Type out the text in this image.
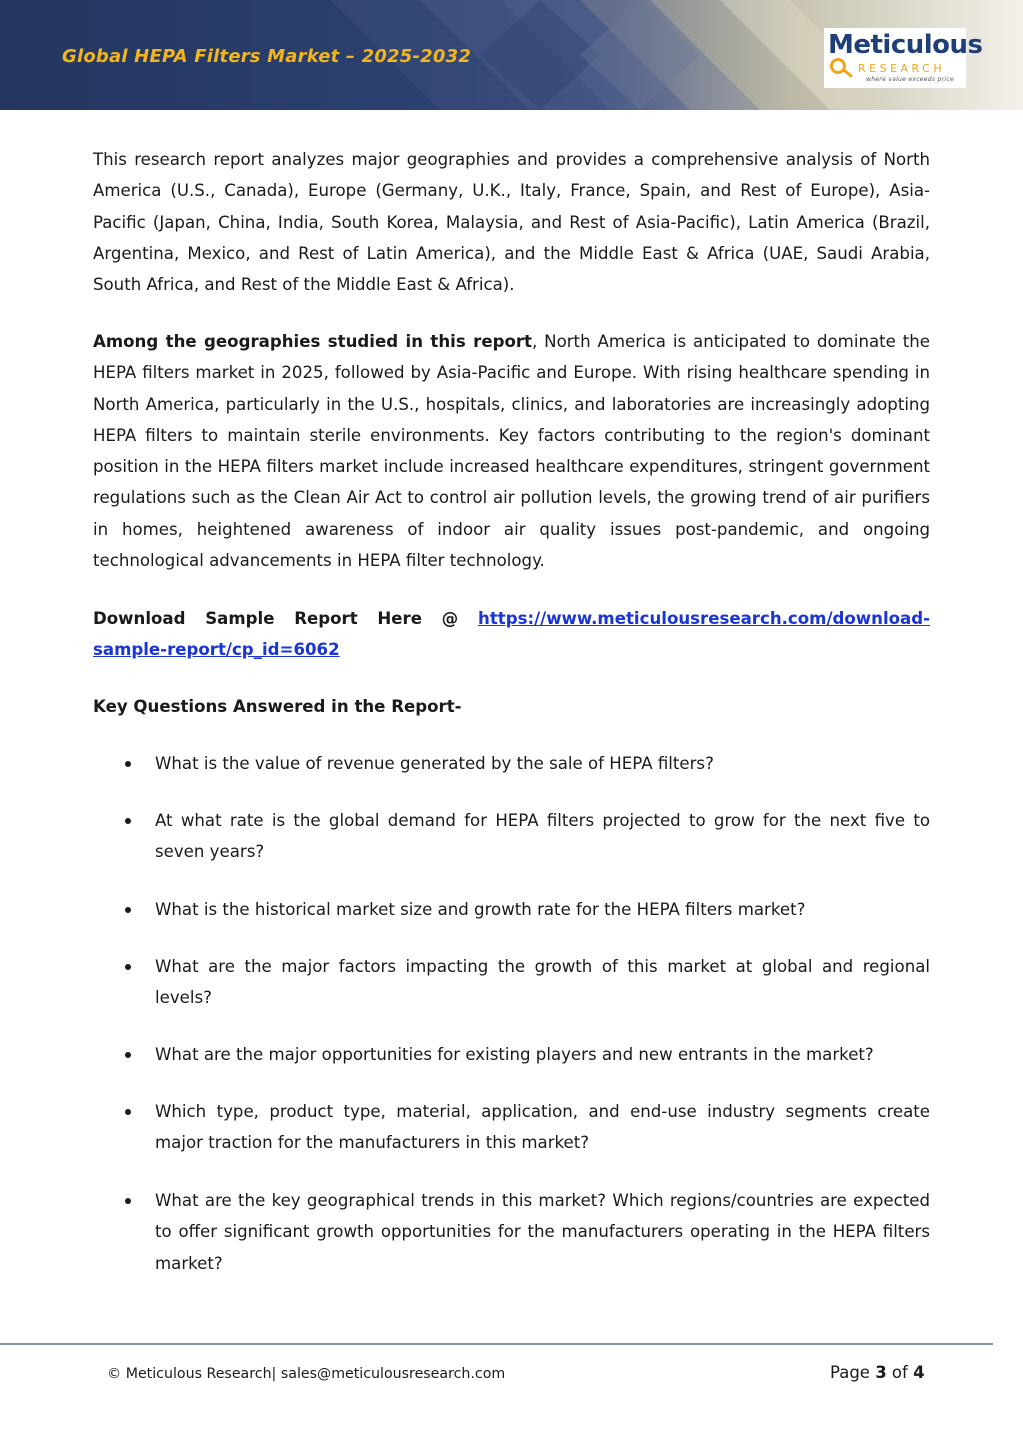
Global HEPA Filters Market – 2025-2032	Meticulous
RESEARCH
where value exceeds price

This research report analyzes major geographies and provides a comprehensive analysis of North America (U.S., Canada), Europe (Germany, U.K., Italy, France, Spain, and Rest of Europe), Asia-Pacific (Japan, China, India, South Korea, Malaysia, and Rest of Asia-Pacific), Latin America (Brazil, Argentina, Mexico, and Rest of Latin America), and the Middle East & Africa (UAE, Saudi Arabia, South Africa, and Rest of the Middle East & Africa).

Among the geographies studied in this report, North America is anticipated to dominate the HEPA filters market in 2025, followed by Asia-Pacific and Europe. With rising healthcare spending in North America, particularly in the U.S., hospitals, clinics, and laboratories are increasingly adopting HEPA filters to maintain sterile environments. Key factors contributing to the region's dominant position in the HEPA filters market include increased healthcare expenditures, stringent government regulations such as the Clean Air Act to control air pollution levels, the growing trend of air purifiers in homes, heightened awareness of indoor air quality issues post-pandemic, and ongoing technological advancements in HEPA filter technology.

Download Sample Report Here @ https://www.meticulousresearch.com/download-sample-report/cp_id=6062

Key Questions Answered in the Report-

What is the value of revenue generated by the sale of HEPA filters?
At what rate is the global demand for HEPA filters projected to grow for the next five to seven years?
What is the historical market size and growth rate for the HEPA filters market?
What are the major factors impacting the growth of this market at global and regional levels?
What are the major opportunities for existing players and new entrants in the market?
Which type, product type, material, application, and end-use industry segments create major traction for the manufacturers in this market?
What are the key geographical trends in this market? Which regions/countries are expected to offer significant growth opportunities for the manufacturers operating in the HEPA filters market?
© Meticulous Research| sales@meticulousresearch.com	Page 3 of 4
